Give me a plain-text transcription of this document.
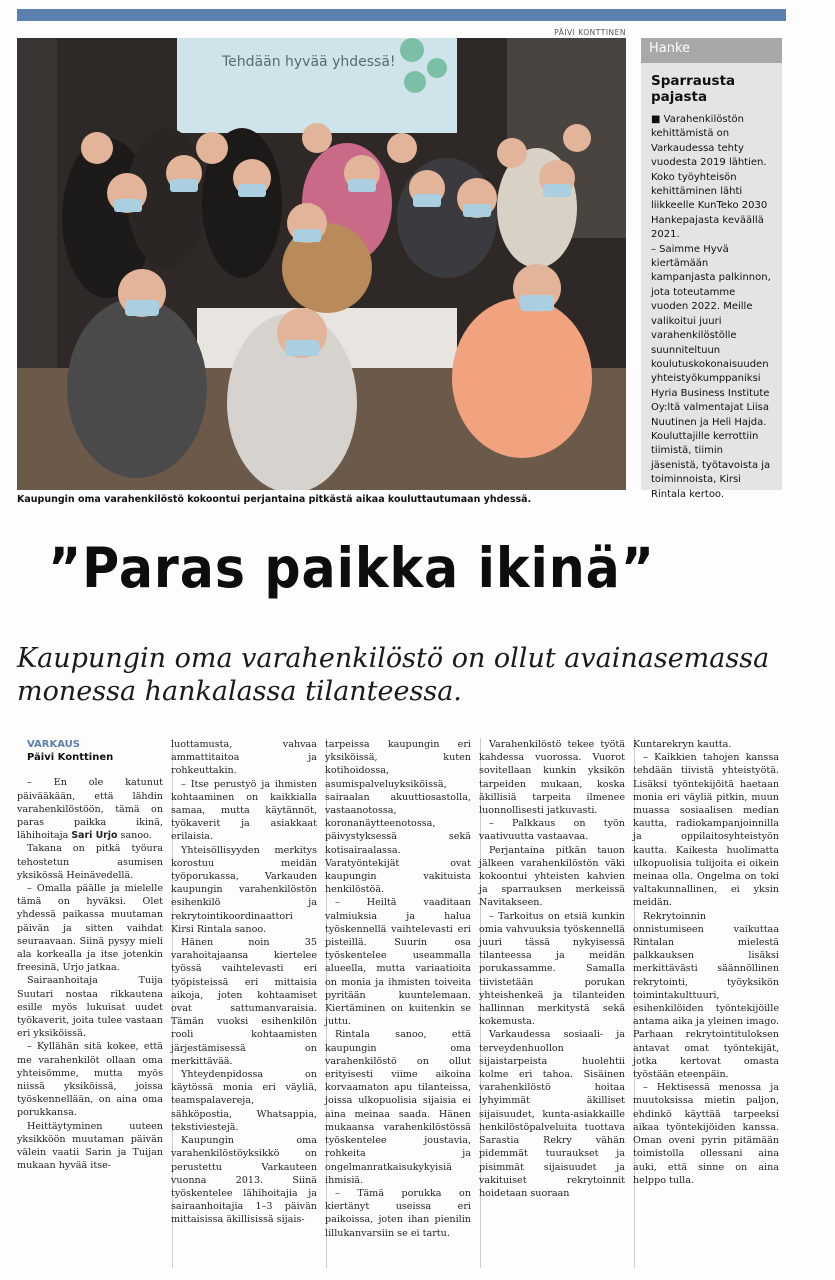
PÄIVI KONTTINEN
Tehdään hyvää yhdessä!
Kaupungin oma varahenkilöstö kokoontui perjantaina pitkästä aikaa kouluttautumaan yhdessä.
Hanke
Sparrausta pajasta

■ Varahenkilöstön kehittämistä on Varkaudessa tehty vuodesta 2019 lähtien. Koko työyhteisön kehittäminen lähti liikkeelle KunTeko 2030 Hankepajasta keväällä 2021.

– Saimme Hyvä kiertämään kampanjasta palkinnon, jota toteutamme vuoden 2022. Meille valikoitui juuri varahenkilöstölle suunniteltuun koulutuskokonaisuuden yhteistyökumppaniksi Hyria Business Institute Oy:ltä valmentajat Liisa Nuutinen ja Heli Hajda. Kouluttajille kerrottiin tiimistä, tiimin jäsenistä, työtavoista ja toiminnoista, Kirsi Rintala kertoo.

”Paras paikka ikinä”
Kaupungin oma varahenkilöstö on ollut avainasemassa monessa hankalassa tilanteessa.

VARKAUS

Päivi Konttinen

– En ole katunut päivääkään, että lähdin varahenkilöstöön, tämä on paras paikka ikinä, lähihoitaja Sari Urjo sanoo.

Takana on pitkä työura tehostetun asumisen yksikössä Heinävedellä.

– Omalla päälle ja mielelle tämä on hyväksi. Olet yhdessä paikassa muutaman päivän ja sitten vaihdat seuraavaan. Siinä pysyy mieli ala korkealla ja itse jotenkin freesinä, Urjo jatkaa.

Sairaanhoitaja Tuija Suutari nostaa rikkautena esille myös lukuisat uudet työkaverit, joita tulee vastaan eri yksiköissä.

– Kyllähän sitä kokee, että me varahenkilöt ollaan oma yhteisömme, mutta myös niissä yksiköissä, joissa työskennellään, on aina oma porukkansa.

Heittäytyminen uuteen yksikköön muutaman päivän välein vaatii Sarin ja Tuijan mukaan hyvää itse-

luottamusta, vahvaa ammattitaitoa ja rohkeuttakin.

– Itse perustyö ja ihmisten kohtaaminen on kaikkialla samaa, mutta käytännöt, työkaverit ja asiakkaat erilaisia.

Yhteisöllisyyden merkitys korostuu meidän työporukassa, Varkauden kaupungin varahenkilöstön esihenkilö ja rekrytointikoordinaattori Kirsi Rintala sanoo.

Hänen noin 35 varahoitajaansa kiertelee työssä vaihtelevasti eri työpisteissä eri mittaisia aikoja, joten kohtaamiset ovat sattumanvaraisia. Tämän vuoksi esihenkilön rooli kohtaamisten järjestämisessä on merkittävää.

Yhteydenpidossa on käytössä monia eri väyliä, teamspalavereja, sähköpostia, Whatsappia, tekstiviestejä.

Kaupungin oma varahenkilöstöyksikkö on perustettu Varkauteen vuonna 2013. Siinä työskentelee lähihoitajia ja sairaanhoitajia 1–3 päivän mittaisissa äkillisissä sijais-

tarpeissa kaupungin eri yksiköissä, kuten kotihoidossa, asumispalveluyksiköissä, sairaalan akuuttiosastolla, vastaanotossa, koronanäytteenotossa, päivystyksessä sekä kotisairaalassa. Varatyöntekijät ovat kaupungin vakituista henkilöstöä.

– Heiltä vaaditaan valmiuksia ja halua työskennellä vaihtelevasti eri pisteillä. Suurin osa työskentelee useammalla alueella, mutta variaatioita on monia ja ihmisten toiveita pyritään kuuntelemaan. Kiertäminen on kuitenkin se juttu.

Rintala sanoo, että kaupungin oma varahenkilöstö on ollut erityisesti viime aikoina korvaamaton apu tilanteissa, joissa ulkopuolisia sijaisia ei aina meinaa saada. Hänen mukaansa varahenkilöstössä työskentelee joustavia, rohkeita ja ongelmanratkaisukykyisiä ihmisiä.

– Tämä porukka on kiertänyt useissa eri paikoissa, joten ihan pienilin lillukanvarsiin se ei tartu.

Varahenkilöstö tekee työtä kahdessa vuorossa. Vuorot sovitellaan kunkin yksikön tarpeiden mukaan, koska äkillisiä tarpeita ilmenee luonnollisesti jatkuvasti.

– Palkkaus on työn vaativuutta vastaavaa.

Perjantaina pitkän tauon jälkeen varahenkilöstön väki kokoontui yhteisten kahvien ja sparrauksen merkeissä Navitakseen.

– Tarkoitus on etsiä kunkin omia vahvuuksia työskennellä juuri tässä nykyisessä tilanteessa ja meidän porukassamme. Samalla tiivistetään porukan yhteishenkeä ja tilanteiden hallinnan merkitystä sekä kokemusta.

Varkaudessa sosiaali- ja terveydenhuollon sijaistarpeista huolehtii kolme eri tahoa. Sisäinen varahenkilöstö hoitaa lyhyimmät äkilliset sijaisuudet, kunta-asiakkaille henkilöstöpalveluita tuottava Sarastia Rekry vähän pidemmät tuuraukset ja pisimmät sijaisuudet ja vakituiset rekrytoinnit hoidetaan suoraan

Kuntarekryn kautta.

– Kaikkien tahojen kanssa tehdään tiivistä yhteistyötä. Lisäksi työntekijöitä haetaan monia eri väyliä pitkin, muun muassa sosiaalisen median kautta, radiokampanjoinnilla ja oppilaitosyhteistyön kautta. Kaikesta huolimatta ulkopuolisia tulijoita ei oikein meinaa olla. Ongelma on toki valtakunnallinen, ei yksin meidän.

Rekrytoinnin onnistumiseen vaikuttaa Rintalan mielestä palkkauksen lisäksi merkittävästi säännöllinen rekrytointi, työyksikön toimintakulttuuri, esihenkilöiden työntekijöille antama aika ja yleinen imago. Parhaan rekrytointituloksen antavat omat työntekijät, jotka kertovat omasta työstään eteenpäin.

– Hektisessä menossa ja muutoksissa mietin paljon, ehdinkö käyttää tarpeeksi aikaa työntekijöiden kanssa. Oman oveni pyrin pitämään toimistolla ollessani aina auki, että sinne on aina helppo tulla.
